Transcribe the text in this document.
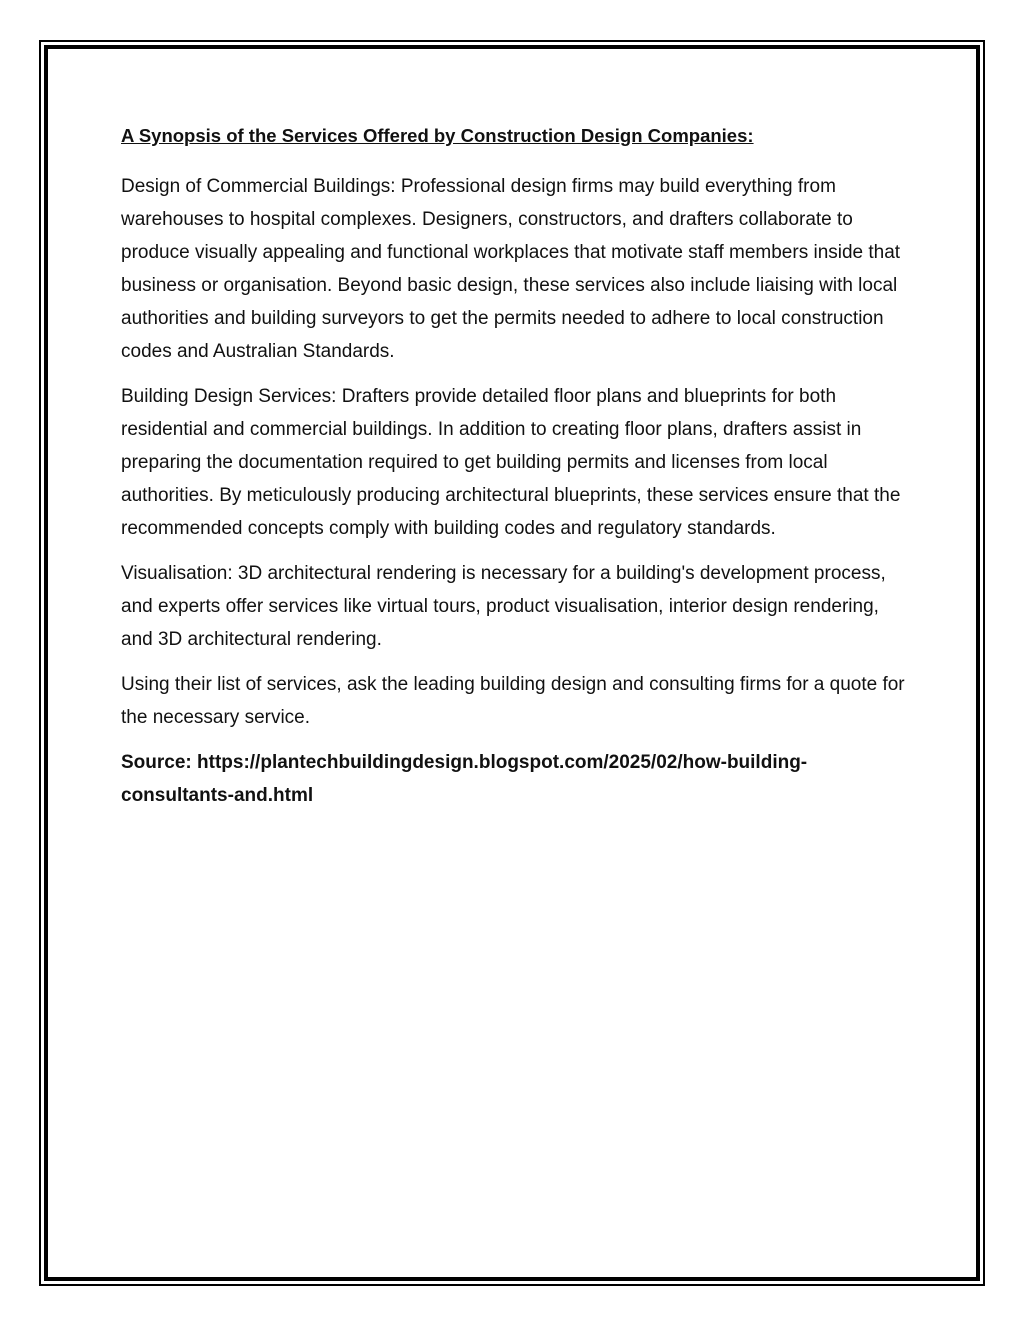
A Synopsis of the Services Offered by Construction Design Companies:

Design of Commercial Buildings: Professional design firms may build everything from warehouses to hospital complexes. Designers, constructors, and drafters collaborate to produce visually appealing and functional workplaces that motivate staff members inside that business or organisation. Beyond basic design, these services also include liaising with local authorities and building surveyors to get the permits needed to adhere to local construction codes and Australian Standards.

Building Design Services: Drafters provide detailed floor plans and blueprints for both residential and commercial buildings. In addition to creating floor plans, drafters assist in preparing the documentation required to get building permits and licenses from local authorities. By meticulously producing architectural blueprints, these services ensure that the recommended concepts comply with building codes and regulatory standards.

Visualisation: 3D architectural rendering is necessary for a building's development process, and experts offer services like virtual tours, product visualisation, interior design rendering, and 3D architectural rendering.

Using their list of services, ask the leading building design and consulting firms for a quote for the necessary service.

Source: https://plantechbuildingdesign.blogspot.com/2025/02/how-building-consultants-and.html
